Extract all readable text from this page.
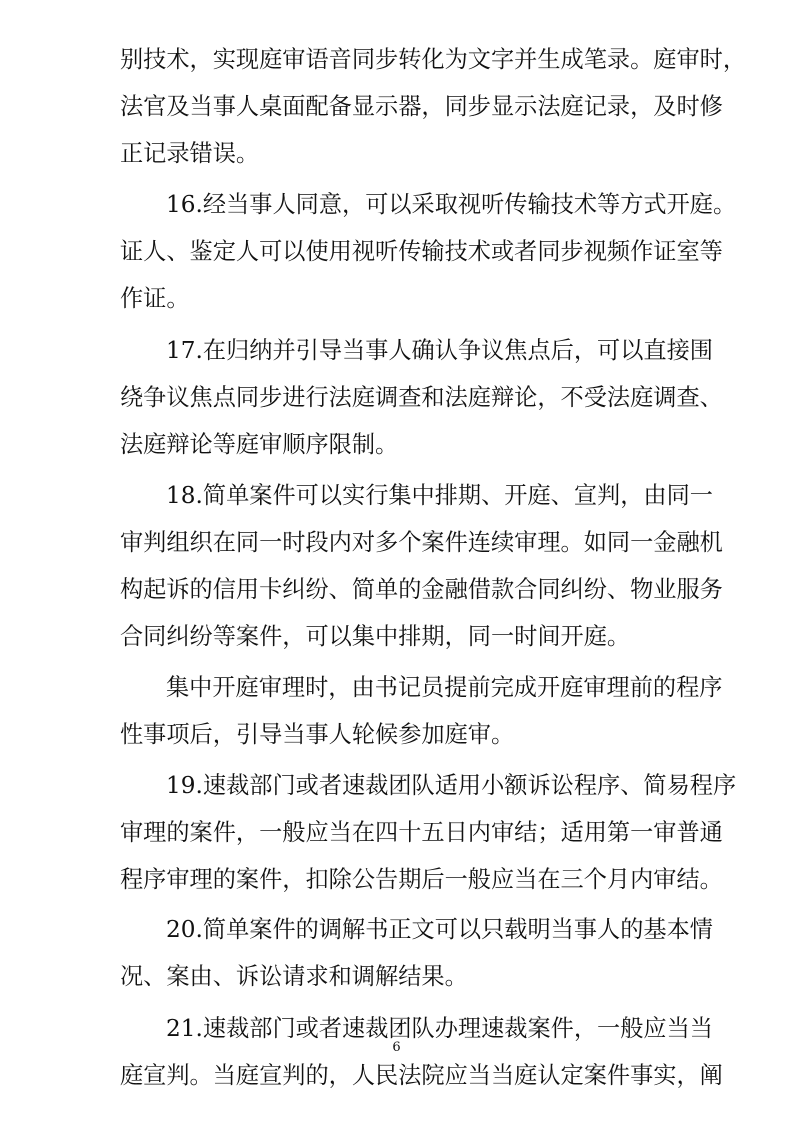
别技术，实现庭审语音同步转化为文字并生成笔录。庭审时，
法官及当事人桌面配备显示器，同步显示法庭记录，及时修
正记录错误。
16.经当事人同意，可以采取视听传输技术等方式开庭。
证人、鉴定人可以使用视听传输技术或者同步视频作证室等
作证。
17.在归纳并引导当事人确认争议焦点后，可以直接围
绕争议焦点同步进行法庭调查和法庭辩论，不受法庭调查、
法庭辩论等庭审顺序限制。
18.简单案件可以实行集中排期、开庭、宣判，由同一
审判组织在同一时段内对多个案件连续审理。如同一金融机
构起诉的信用卡纠纷、简单的金融借款合同纠纷、物业服务
合同纠纷等案件，可以集中排期，同一时间开庭。
集中开庭审理时，由书记员提前完成开庭审理前的程序
性事项后，引导当事人轮候参加庭审。
19.速裁部门或者速裁团队适用小额诉讼程序、简易程序
审理的案件，一般应当在四十五日内审结；适用第一审普通
程序审理的案件，扣除公告期后一般应当在三个月内审结。
20.简单案件的调解书正文可以只载明当事人的基本情
况、案由、诉讼请求和调解结果。
21.速裁部门或者速裁团队办理速裁案件，一般应当当
庭宣判。当庭宣判的，人民法院应当当庭认定案件事实，阐
6
